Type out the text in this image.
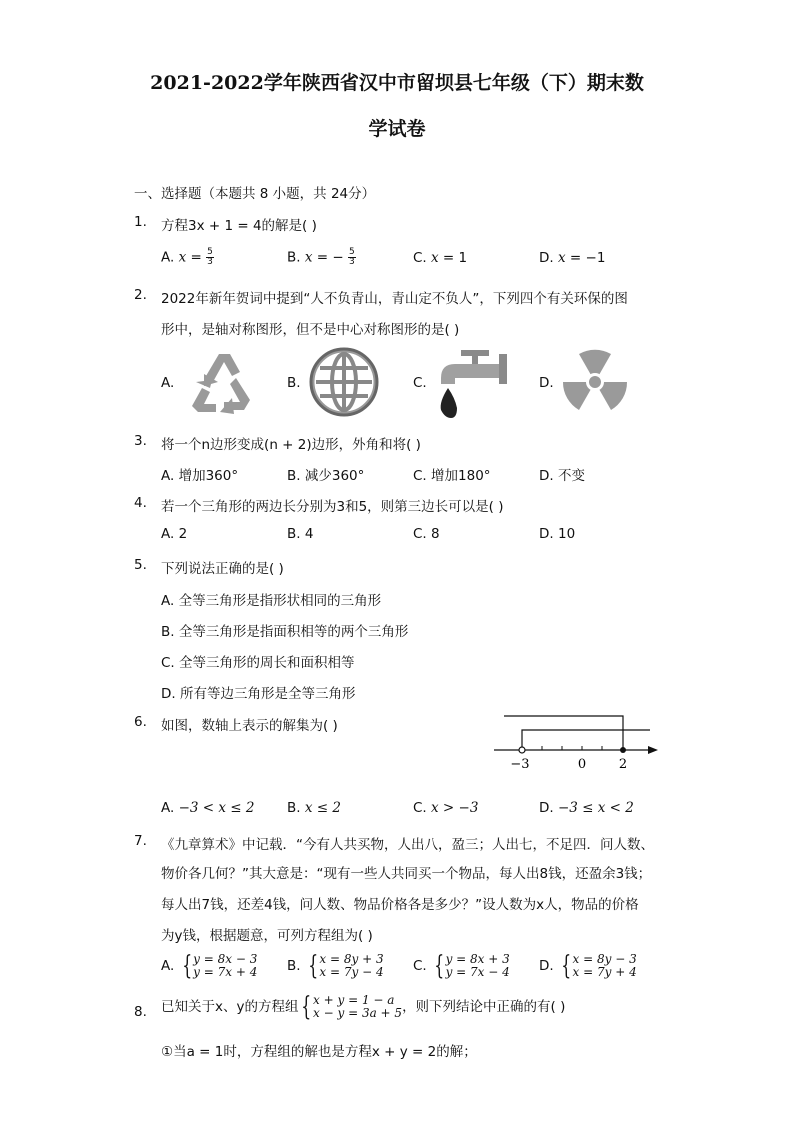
2021-2022学年陕西省汉中市留坝县七年级（下）期末数
学试卷
一、选择题（本题共 8 小题，共 24分）
1. 方程3x + 1 = 4的解是( )
A. $x = \frac{5}{3}$	B. x = − $\frac{5}{3}$	C. x = 1	D. x = −1
2. 2022年新年贺词中提到“人不负青山，青山定不负人”，下列四个有关环保的图
形中，是轴对称图形，但不是中心对称图形的是( )
A.	B.	C.	D.
3. 将一个n边形变成(n + 2)边形，外角和将( )
A. 增加360°	B. 减少360°	C. 增加180°	D. 不变
4. 若一个三角形的两边长分别为3和5，则第三边长可以是( )
A. 2	B. 4	C. 8	D. 10
5. 下列说法正确的是( )
A. 全等三角形是指形状相同的三角形
B. 全等三角形是指面积相等的两个三角形
C. 全等三角形的周长和面积相等
D. 所有等边三角形是全等三角形
6. 如图，数轴上表示的解集为( )
−3	0	2
A. −3 < x ≤ 2 B. x ≤ 2	C. x > −3	D. −3 ≤ x < 2
7. 《九章算术》中记载．“今有人共买物，人出八，盈三；人出七，不足四．问人数、
物价各几何？”其大意是：“现有一些人共同买一个物品，每人出8钱，还盈余3钱；
每人出7钱，还差4钱，问人数、物品价格各是多少？”设人数为x人，物品的价格
为y钱，根据题意，可列方程组为( )
A. {y = 8x − 3
y = 7x + 4 B. {x = 8y + 3
x = 7y − 4 C. {y = 8x + 3
y = 7x − 4 D. {x = 8y − 3
x = 7y + 4
8. 已知关于x、y的方程组 {x + y = 1 − a
x − y = 3a + 5，则下列结论中正确的有( )
①当a = 1时，方程组的解也是方程x + y = 2的解；
